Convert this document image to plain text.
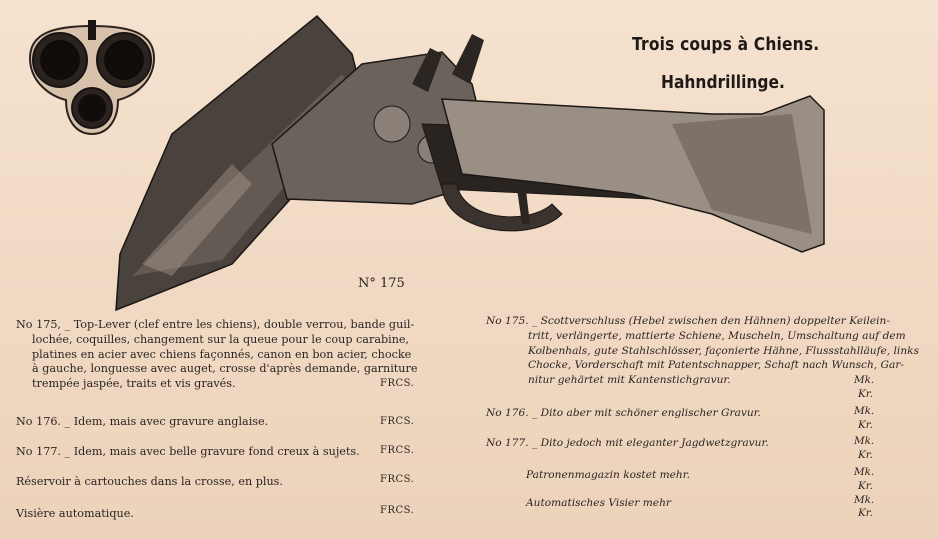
Trois coups à Chiens.
Hahndrillinge.
N° 175
No 175, _ Top-Lever (clef entre les chiens), double verrou, bande guil-
lochée, coquilles, changement sur la queue pour le coup carabine,
platines en acier avec chiens façonnés, canon en bon acier, chocke
à gauche, longuesse avec auget, crosse d'après demande, garniture
trempée jaspée, traits et vis gravés.	FRCS.
No 176. _ Idem, mais avec gravure anglaise.	FRCS.
No 177. _ Idem, mais avec belle gravure fond creux à sujets. FRCS.
Réservoir à cartouches dans la crosse, en plus.	FRCS.
Visière automatique.	FRCS.
No 175. _ Scottverschluss (Hebel zwischen den Hähnen) doppelter Keilein-
tritt, verlängerte, mattierte Schiene, Muscheln, Umschaltung auf dem
Kolbenhals, gute Stahlschlösser, façonierte Hähne, Flussstahlläufe, links
Chocke, Vorderschaft mit Patentschnapper, Schaft nach Wunsch, Gar-
nitur gehärtet mit Kantenstichgravur.	Mk.
Kr.
No 176. _ Dito aber mit schöner englischer Gravur.	Mk.
Kr.
No 177. _ Dito jedoch mit eleganter Jagdwetzgravur.	Mk.
Kr.
Patronenmagazin kostet mehr.	Mk.
Kr.
Automatisches Visier mehr	Mk.
Kr.
